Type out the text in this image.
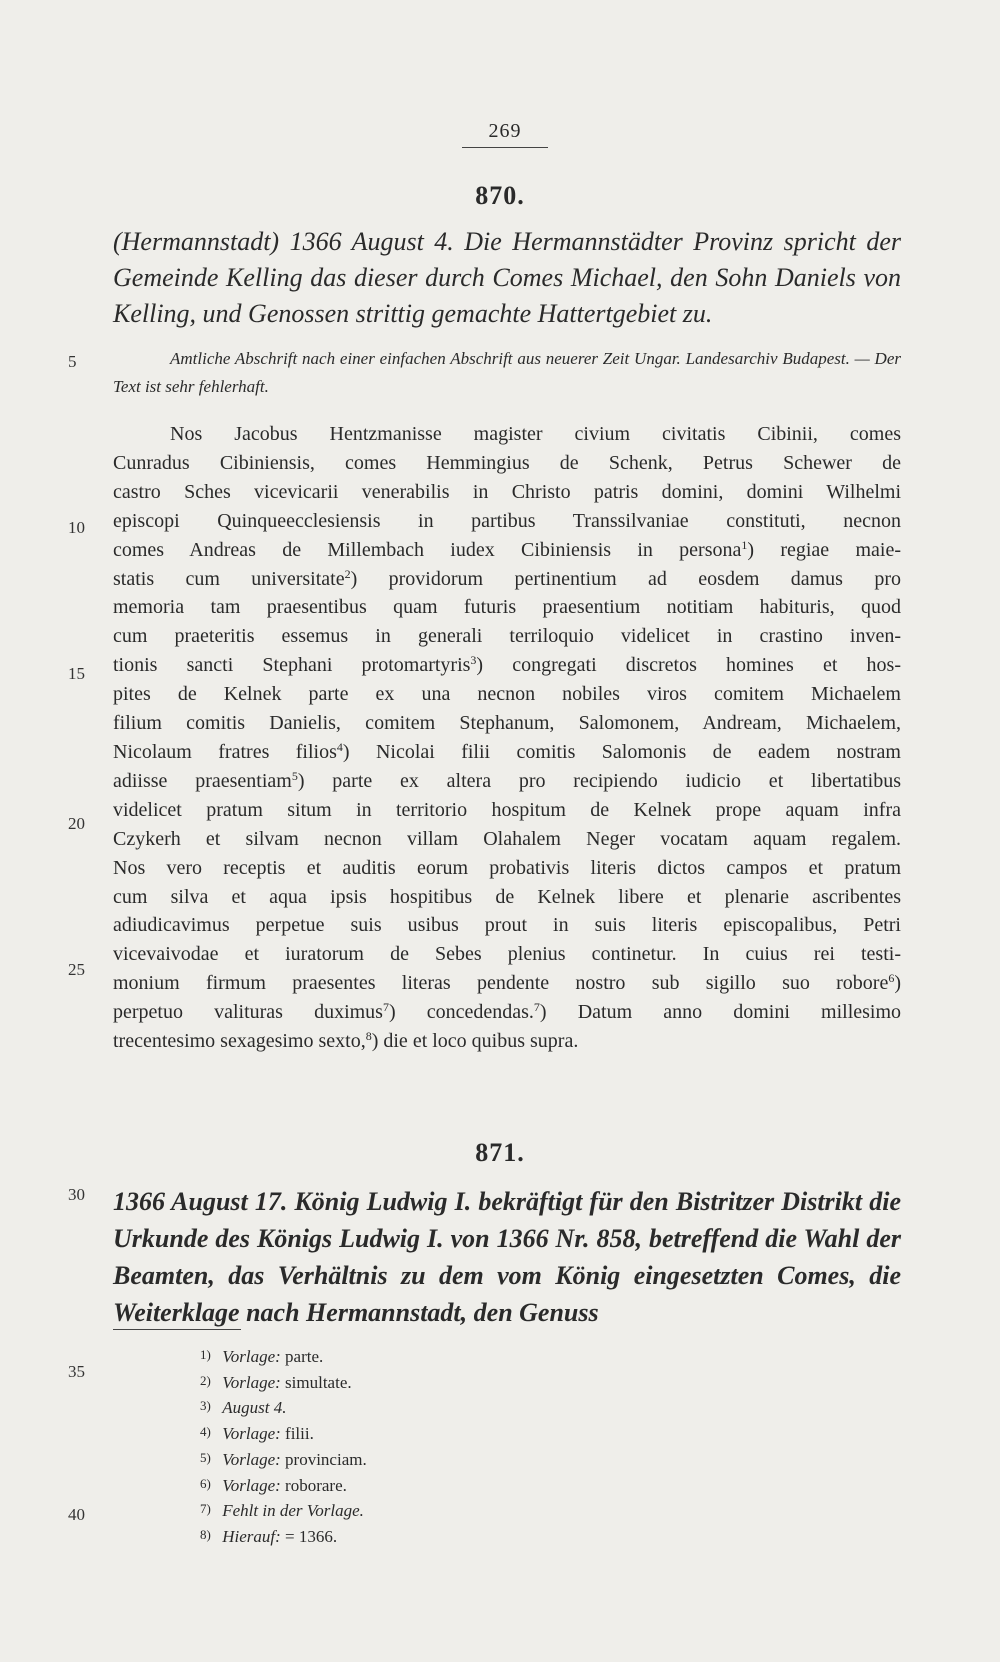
269
870.

(Hermannstadt) 1366 August 4. Die Hermannstädter Provinz spricht der Gemeinde Kelling das dieser durch Comes Michael, den Sohn Daniels von Kelling, und Genossen strittig gemachte Hattertgebiet zu.

Amtliche Abschrift nach einer einfachen Abschrift aus neuerer Zeit Ungar. Landesarchiv Budapest. — Der Text ist sehr fehlerhaft.

Nos Jacobus Hentzmanisse magister civium civitatis Cibinii, comes
Cunradus Cibiniensis, comes Hemmingius de Schenk, Petrus Schewer de
castro Sches vicevicarii venerabilis in Christo patris domini, domini Wilhelmi
episcopi Quinqueecclesiensis in partibus Transsilvaniae constituti, necnon
comes Andreas de Millembach iudex Cibiniensis in persona$^1$) regiae maie-
statis cum universitate$^2$) providorum pertinentium ad eosdem damus pro
memoria tam praesentibus quam futuris praesentium notitiam habituris, quod
cum praeteritis essemus in generali terriloquio videlicet in crastino inven-
tionis sancti Stephani protomartyris$^3$) congregati discretos homines et hos-
pites de Kelnek parte ex una necnon nobiles viros comitem Michaelem
filium comitis Danielis, comitem Stephanum, Salomonem, Andream, Michaelem,
Nicolaum fratres filios$^4$) Nicolai filii comitis Salomonis de eadem nostram
adiisse praesentiam$^5$) parte ex altera pro recipiendo iudicio et libertatibus
videlicet pratum situm in territorio hospitum de Kelnek prope aquam infra
Czykerh et silvam necnon villam Olahalem Neger vocatam aquam regalem.
Nos vero receptis et auditis eorum probativis literis dictos campos et pratum
cum silva et aqua ipsis hospitibus de Kelnek libere et plenarie ascribentes
adiudicavimus perpetue suis usibus prout in suis literis episcopalibus, Petri
vicevaivodae et iuratorum de Sebes plenius continetur. In cuius rei testi-
monium firmum praesentes literas pendente nostro sub sigillo suo robore$^6$)
perpetuo valituras duximus$^7$) concedendas.$^7$) Datum anno domini millesimo
trecentesimo sexagesimo sexto,$^8$) die et loco quibus supra.
871.

1366 August 17. König Ludwig I. bekräftigt für den Bistritzer Distrikt die Urkunde des Königs Ludwig I. von 1366 Nr. 858, betreffend die Wahl der Beamten, das Verhältnis zu dem vom König eingesetzten Comes, die Weiterklage nach Hermannstadt, den Genuss

5
10
15
20
25
30
35
40
1) Vorlage: parte.
2) Vorlage: simultate.
3) August 4.
4) Vorlage: filii.
5) Vorlage: provinciam.
6) Vorlage: roborare.
7) Fehlt in der Vorlage.
8) Hierauf: = 1366.
